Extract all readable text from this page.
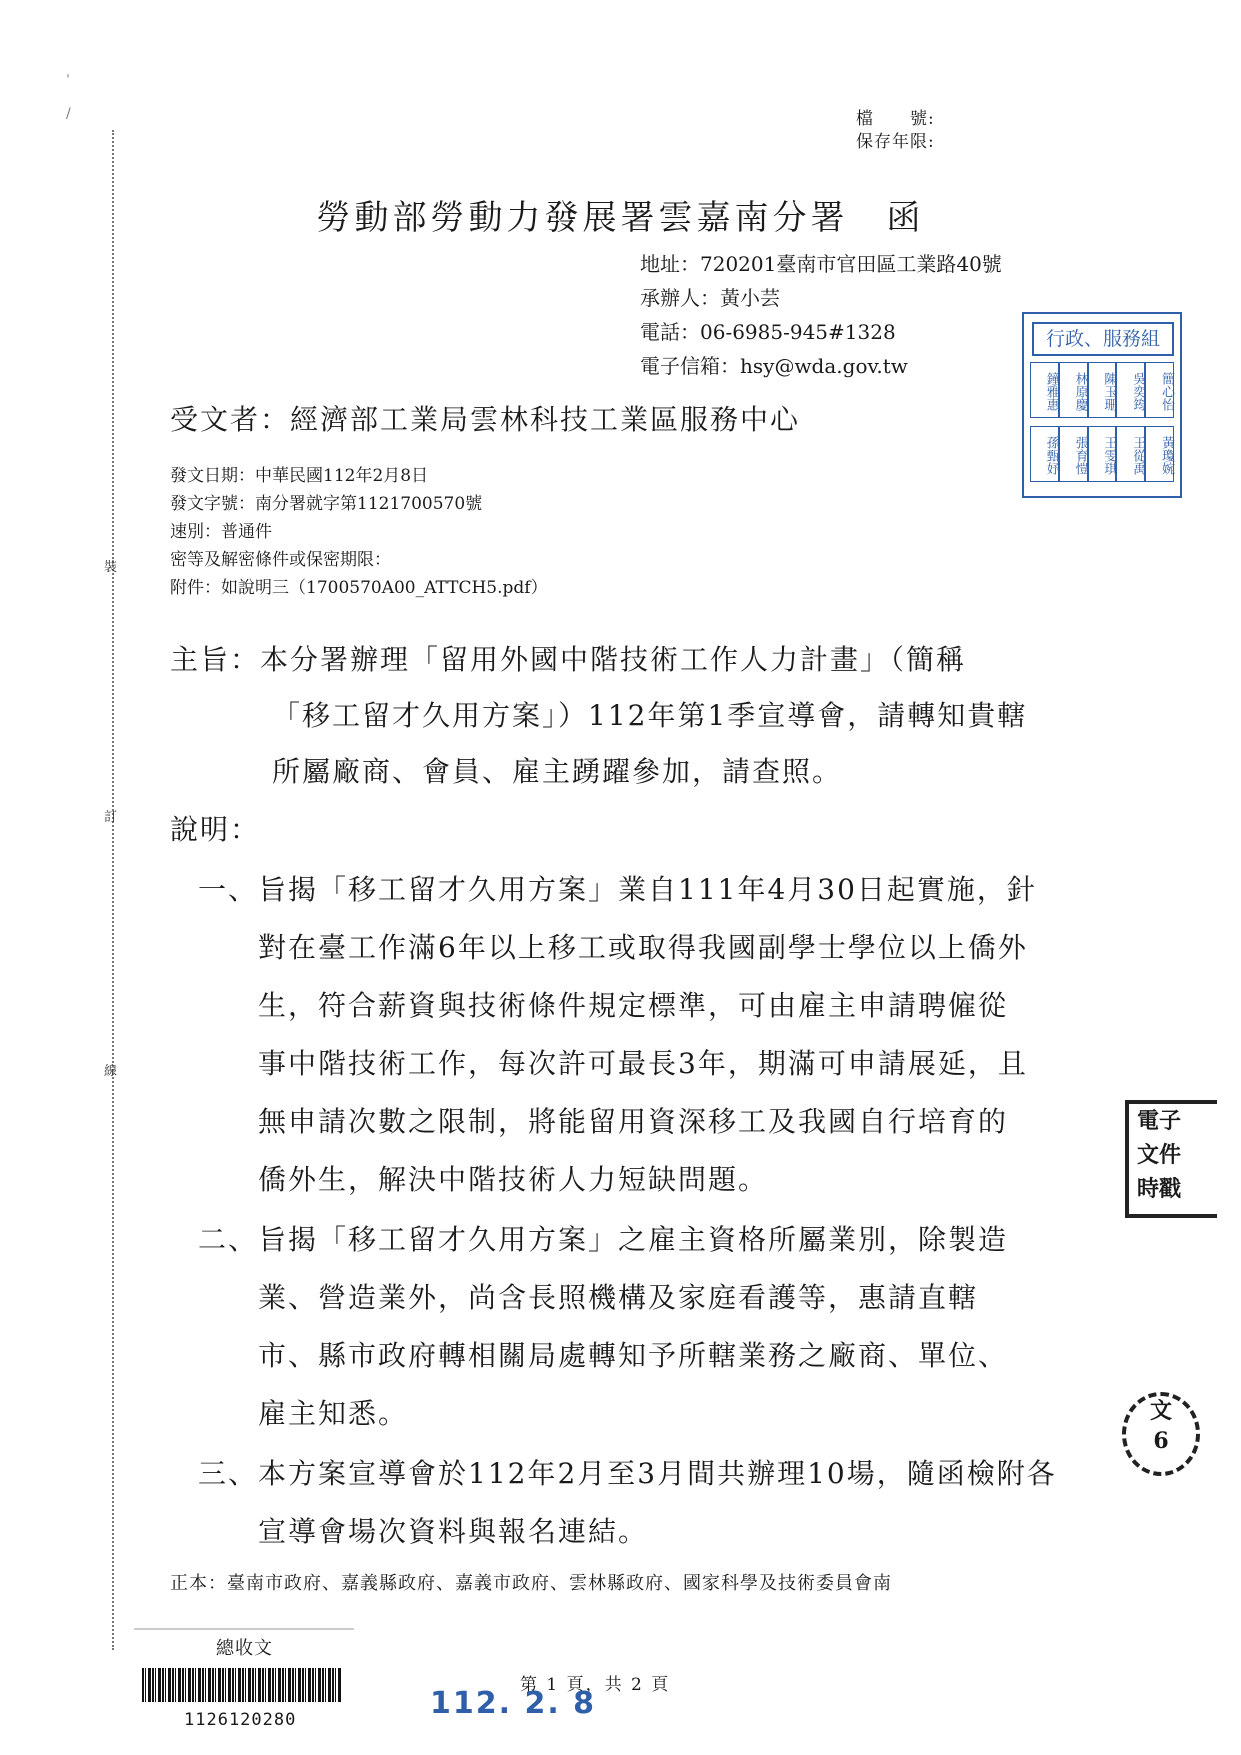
裝
訂
線
ˌ
/	檔　　號:
保存年限:
勞動部勞動力發展署雲嘉南分署　函
地址：720201臺南市官田區工業路40號
承辦人：黃小芸
電話：06-6985-945#1328
電子信箱：hsy@wda.gov.tw
行政、服務組
鐘雅惠	林原慶	陳玉珊	吳奕筠	簡心怡
孫甄妤	張育愷	王雯琪	王從禹	黃瓊婉
受文者：經濟部工業局雲林科技工業區服務中心
發文日期：中華民國112年2月8日
發文字號：南分署就字第1121700570號
速別：普通件
密等及解密條件或保密期限：
附件：如說明三（1700570A00_ATTCH5.pdf）
主旨：本分署辦理「留用外國中階技術工作人力計畫」（簡稱
「移工留才久用方案」）112年第1季宣導會，請轉知貴轄
所屬廠商、會員、雇主踴躍參加，請查照。
說明：
一、旨揭「移工留才久用方案」業自111年4月30日起實施，針
對在臺工作滿6年以上移工或取得我國副學士學位以上僑外
生，符合薪資與技術條件規定標準，可由雇主申請聘僱從
事中階技術工作，每次許可最長3年，期滿可申請展延，且
無申請次數之限制，將能留用資深移工及我國自行培育的
僑外生，解決中階技術人力短缺問題。
二、旨揭「移工留才久用方案」之雇主資格所屬業別，除製造
業、營造業外，尚含長照機構及家庭看護等，惠請直轄
市、縣市政府轉相關局處轉知予所轄業務之廠商、單位、
雇主知悉。
三、本方案宣導會於112年2月至3月間共辦理10場，隨函檢附各
宣導會場次資料與報名連結。
正本：臺南市政府、嘉義縣政府、嘉義市政府、雲林縣政府、國家科學及技術委員會南
第 1 頁，共 2 頁
總收文
1126120280	112. 2. 8
電子
文件
時戳
文
6
